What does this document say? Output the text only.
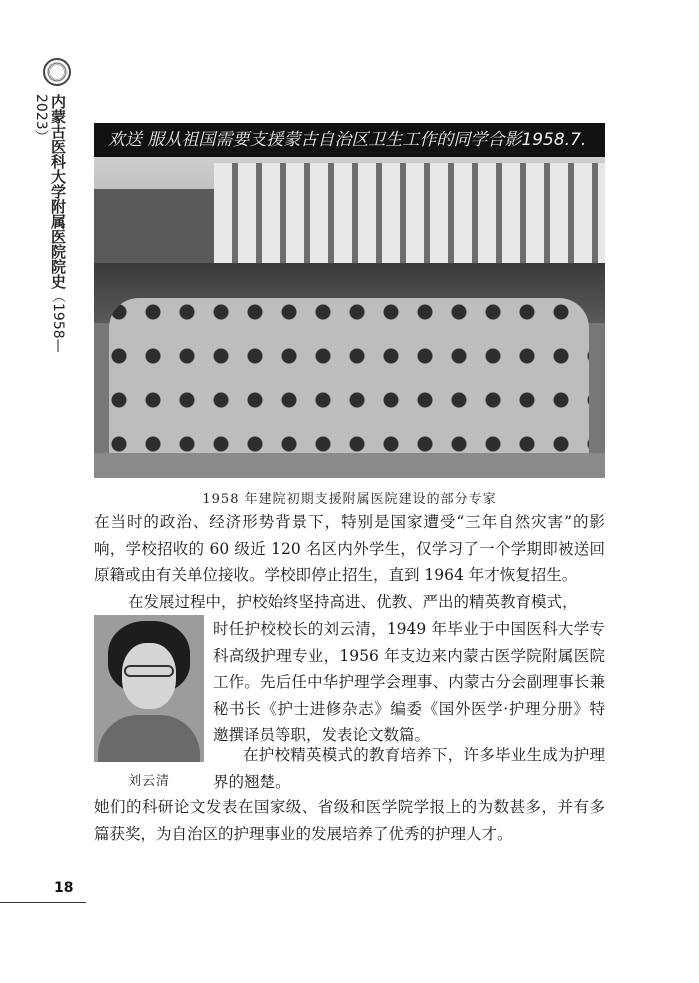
内蒙古医科大学附属医院院史（1958—2023）	欢送 服从祖国需要支援蒙古自治区卫生工作的同学合影1958.7.
1958 年建院初期支援附属医院建设的部分专家
在当时的政治、经济形势背景下，特别是国家遭受“三年自然灾害”的影响，学校招收的 60 级近 120 名区内外学生，仅学习了一个学期即被送回原籍或由有关单位接收。学校即停止招生，直到 1964 年才恢复招生。
在发展过程中，护校始终坚持高进、优教、严出的精英教育模式，
时任护校校长的刘云清，1949 年毕业于中国医科大学专科高级护理专业，1956 年支边来内蒙古医学院附属医院工作。先后任中华护理学会理事、内蒙古分会副理事长兼秘书长《护士进修杂志》编委《国外医学·护理分册》特邀撰译员等职，发表论文数篇。
刘云清
在护校精英模式的教育培养下，许多毕业生成为护理界的翘楚。
她们的科研论文发表在国家级、省级和医学院学报上的为数甚多，并有多篇获奖，为自治区的护理事业的发展培养了优秀的护理人才。
18
